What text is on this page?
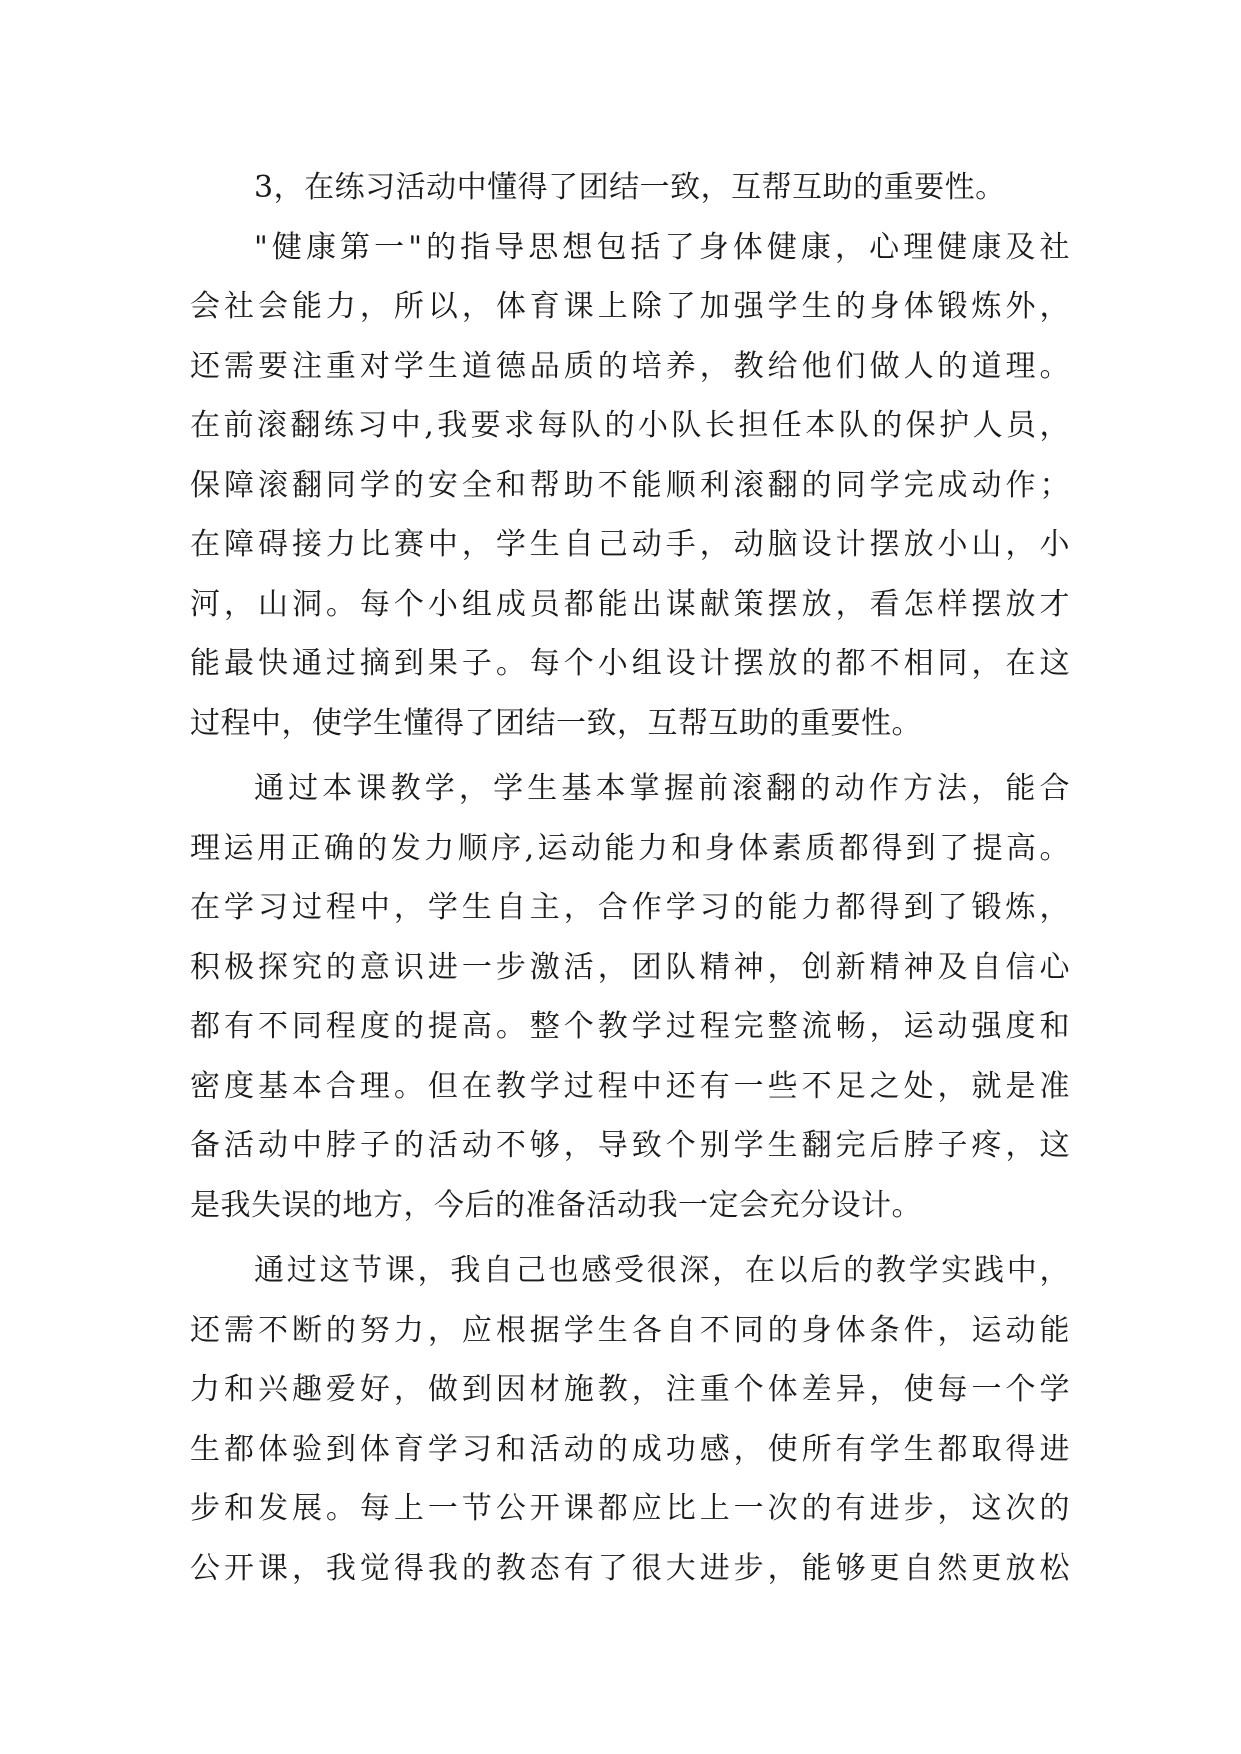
3，在练习活动中懂得了团结一致，互帮互助的重要性。
"健康第一"的指导思想包括了身体健康，心理健康及社
会社会能力，所以，体育课上除了加强学生的身体锻炼外，
还需要注重对学生道德品质的培养，教给他们做人的道理。
在前滚翻练习中,我要求每队的小队长担任本队的保护人员，
保障滚翻同学的安全和帮助不能顺利滚翻的同学完成动作；
在障碍接力比赛中，学生自己动手，动脑设计摆放小山，小
河，山洞。每个小组成员都能出谋献策摆放，看怎样摆放才
能最快通过摘到果子。每个小组设计摆放的都不相同，在这
过程中，使学生懂得了团结一致，互帮互助的重要性。
通过本课教学，学生基本掌握前滚翻的动作方法，能合
理运用正确的发力顺序,运动能力和身体素质都得到了提高。
在学习过程中，学生自主，合作学习的能力都得到了锻炼，
积极探究的意识进一步激活，团队精神，创新精神及自信心
都有不同程度的提高。整个教学过程完整流畅，运动强度和
密度基本合理。但在教学过程中还有一些不足之处，就是准
备活动中脖子的活动不够，导致个别学生翻完后脖子疼，这
是我失误的地方，今后的准备活动我一定会充分设计。
通过这节课，我自己也感受很深，在以后的教学实践中，
还需不断的努力，应根据学生各自不同的身体条件，运动能
力和兴趣爱好，做到因材施教，注重个体差异，使每一个学
生都体验到体育学习和活动的成功感，使所有学生都取得进
步和发展。每上一节公开课都应比上一次的有进步，这次的
公开课，我觉得我的教态有了很大进步，能够更自然更放松
